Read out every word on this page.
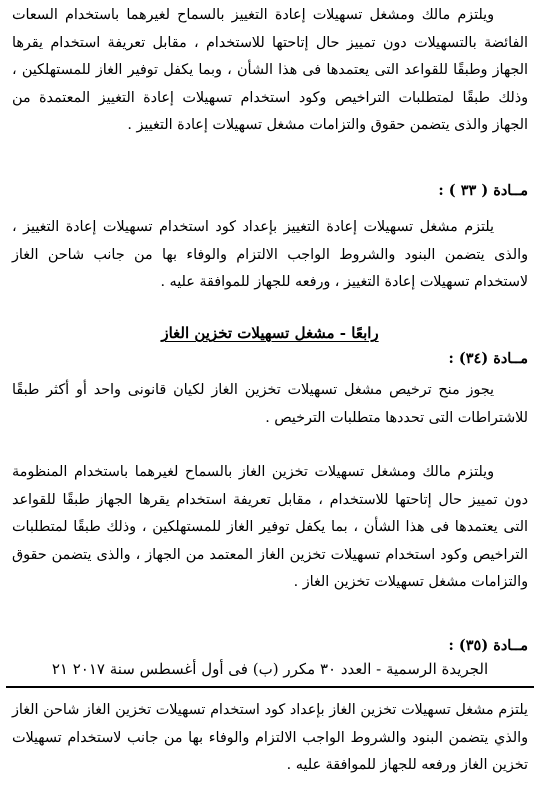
ويلتزم مالك ومشغل تسهيلات إعادة التغييز بالسماح لغيرهما باستخدام السعات الفائضة بالتسهيلات دون تمييز حال إتاحتها للاستخدام ، مقابل تعريفة استخدام يقرها الجهاز وطبقًا للقواعد التى يعتمدها فى هذا الشأن ، وبما يكفل توفير الغاز للمستهلكين ، وذلك طبقًا لمتطلبات التراخيص وكود استخدام تسهيلات إعادة التغييز المعتمدة من الجهاز والذى يتضمن حقوق والتزامات مشغل تسهيلات إعادة التغييز .

مــادة ( ٣٣ ) :

يلتزم مشغل تسهيلات إعادة التغييز بإعداد كود استخدام تسهيلات إعادة التغييز ، والذى يتضمن البنود والشروط الواجب الالتزام والوفاء بها من جانب شاحن الغاز لاستخدام تسهيلات إعادة التغييز ، ورفعه للجهاز للموافقة عليه .

رابعًا - مشغل تسهيلات تخزين الغاز

مــادة (٣٤) :

يجوز منح ترخيص مشغل تسهيلات تخزين الغاز لكيان قانونى واحد أو أكثر طبقًا للاشتراطات التى تحددها متطلبات الترخيص .

ويلتزم مالك ومشغل تسهيلات تخزين الغاز بالسماح لغيرهما باستخدام المنظومة دون تمييز حال إتاحتها للاستخدام ، مقابل تعريفة استخدام يقرها الجهاز طبقًا للقواعد التى يعتمدها فى هذا الشأن ، بما يكفل توفير الغاز للمستهلكين ، وذلك طبقًا لمتطلبات التراخيص وكود استخدام تسهيلات تخزين الغاز المعتمد من الجهاز ، والذى يتضمن حقوق والتزامات مشغل تسهيلات تخزين الغاز .

مــادة (٣٥) :

الجريدة الرسمية - العدد ٣٠ مكرر (ب) فى أول أغسطس سنة ٢٠١٧ ٢١

يلتزم مشغل تسهيلات تخزين الغاز بإعداد كود استخدام تسهيلات تخزين الغاز شاحن الغاز والذي يتضمن البنود والشروط الواجب الالتزام والوفاء بها من جانب لاستخدام تسهيلات تخزين الغاز ورفعه للجهاز للموافقة عليه .
